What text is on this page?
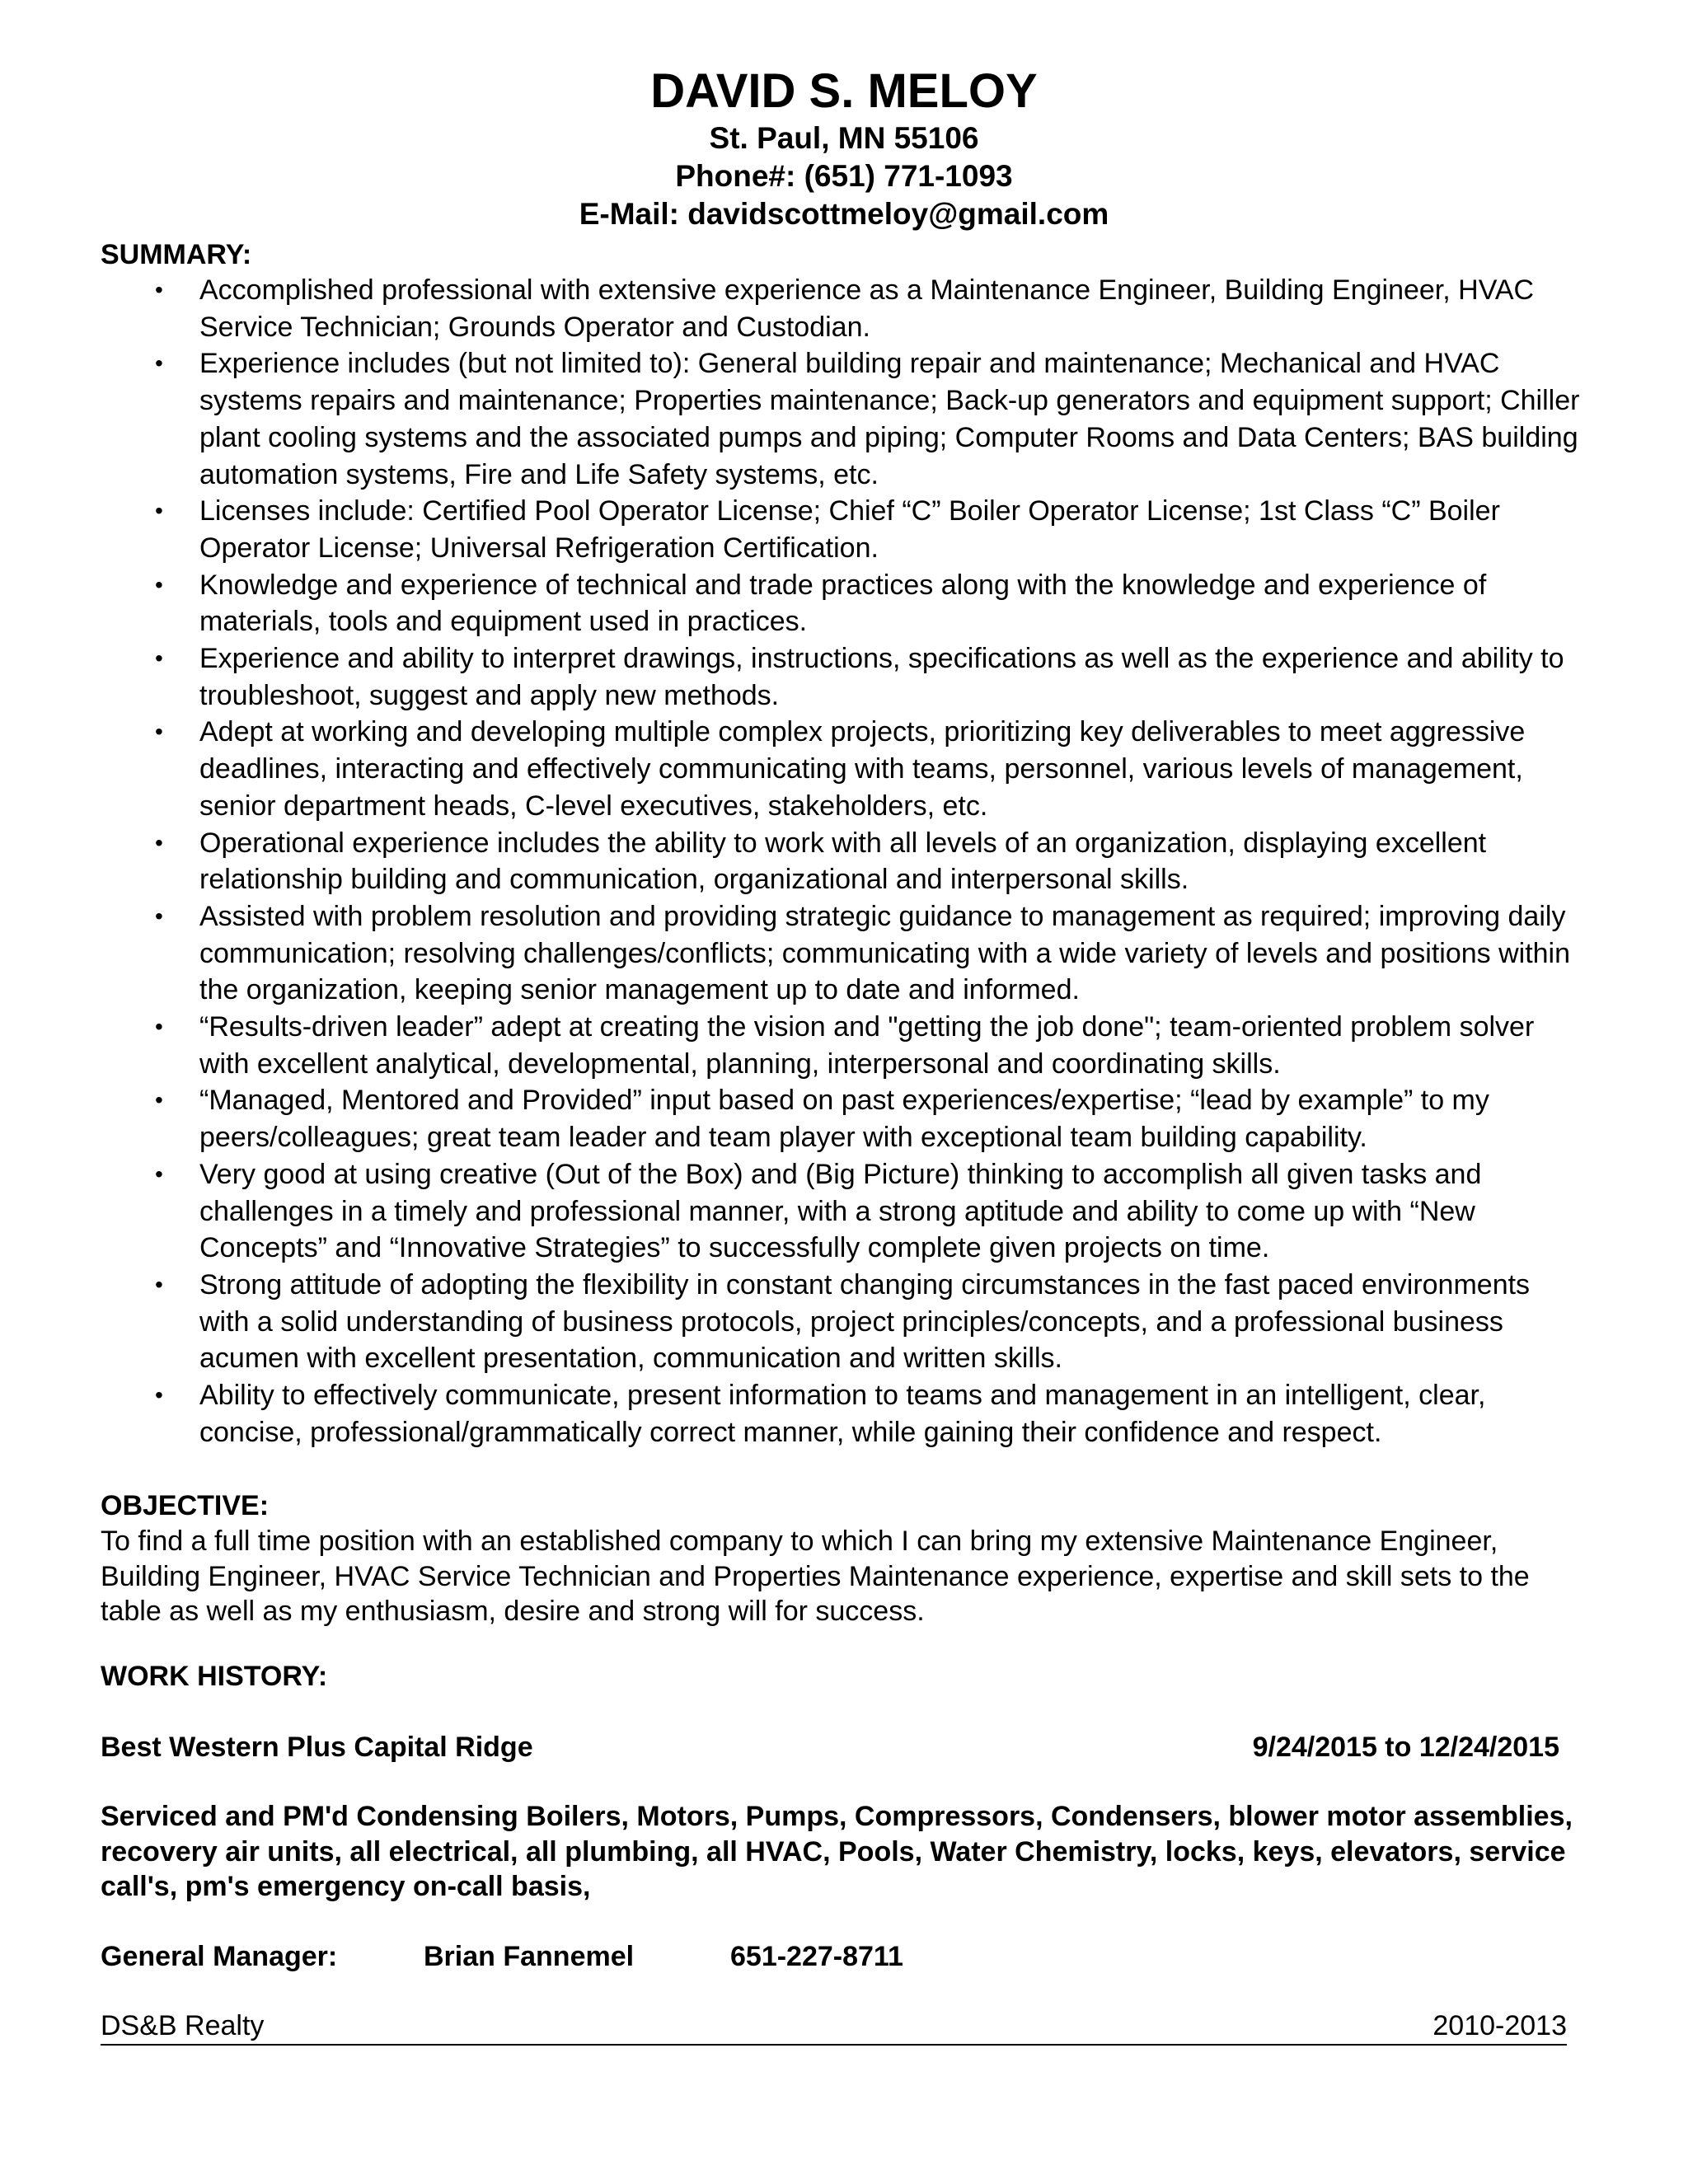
DAVID S. MELOY
St. Paul, MN 55106
Phone#: (651) 771-1093
E-Mail: davidscottmeloy@gmail.com
SUMMARY:
• Accomplished professional with extensive experience as a Maintenance Engineer, Building Engineer, HVAC Service Technician; Grounds Operator and Custodian.
• Experience includes (but not limited to): General building repair and maintenance; Mechanical and HVAC systems repairs and maintenance; Properties maintenance; Back-up generators and equipment support; Chiller plant cooling systems and the associated pumps and piping; Computer Rooms and Data Centers; BAS building automation systems, Fire and Life Safety systems, etc.
• Licenses include: Certified Pool Operator License; Chief “C” Boiler Operator License; 1st Class “C” Boiler Operator License; Universal Refrigeration Certification.
• Knowledge and experience of technical and trade practices along with the knowledge and experience of materials, tools and equipment used in practices.
• Experience and ability to interpret drawings, instructions, specifications as well as the experience and ability to troubleshoot, suggest and apply new methods.
• Adept at working and developing multiple complex projects, prioritizing key deliverables to meet aggressive deadlines, interacting and effectively communicating with teams, personnel, various levels of management, senior department heads, C-level executives, stakeholders, etc.
• Operational experience includes the ability to work with all levels of an organization, displaying excellent relationship building and communication, organizational and interpersonal skills.
• Assisted with problem resolution and providing strategic guidance to management as required; improving daily communication; resolving challenges/conflicts; communicating with a wide variety of levels and positions within the organization, keeping senior management up to date and informed.
• “Results-driven leader” adept at creating the vision and "getting the job done"; team-oriented problem solver with excellent analytical, developmental, planning, interpersonal and coordinating skills.
• “Managed, Mentored and Provided” input based on past experiences/expertise; “lead by example” to my peers/colleagues; great team leader and team player with exceptional team building capability.
• Very good at using creative (Out of the Box) and (Big Picture) thinking to accomplish all given tasks and challenges in a timely and professional manner, with a strong aptitude and ability to come up with “New Concepts” and “Innovative Strategies” to successfully complete given projects on time.
• Strong attitude of adopting the flexibility in constant changing circumstances in the fast paced environments with a solid understanding of business protocols, project principles/concepts, and a professional business acumen with excellent presentation, communication and written skills.
• Ability to effectively communicate, present information to teams and management in an intelligent, clear, concise, professional/grammatically correct manner, while gaining their confidence and respect.
OBJECTIVE:
To find a full time position with an established company to which I can bring my extensive Maintenance Engineer, Building Engineer, HVAC Service Technician and Properties Maintenance experience, expertise and skill sets to the table as well as my enthusiasm, desire and strong will for success.
WORK HISTORY:
Best Western Plus Capital Ridge	9/24/2015 to 12/24/2015
Serviced and PM'd Condensing Boilers, Motors, Pumps, Compressors, Condensers, blower motor assemblies, recovery air units, all electrical, all plumbing, all HVAC, Pools, Water Chemistry, locks, keys, elevators, service call's, pm's emergency on-call basis,
General Manager:	Brian Fannemel	651-227-8711
DS&B Realty	2010-2013
